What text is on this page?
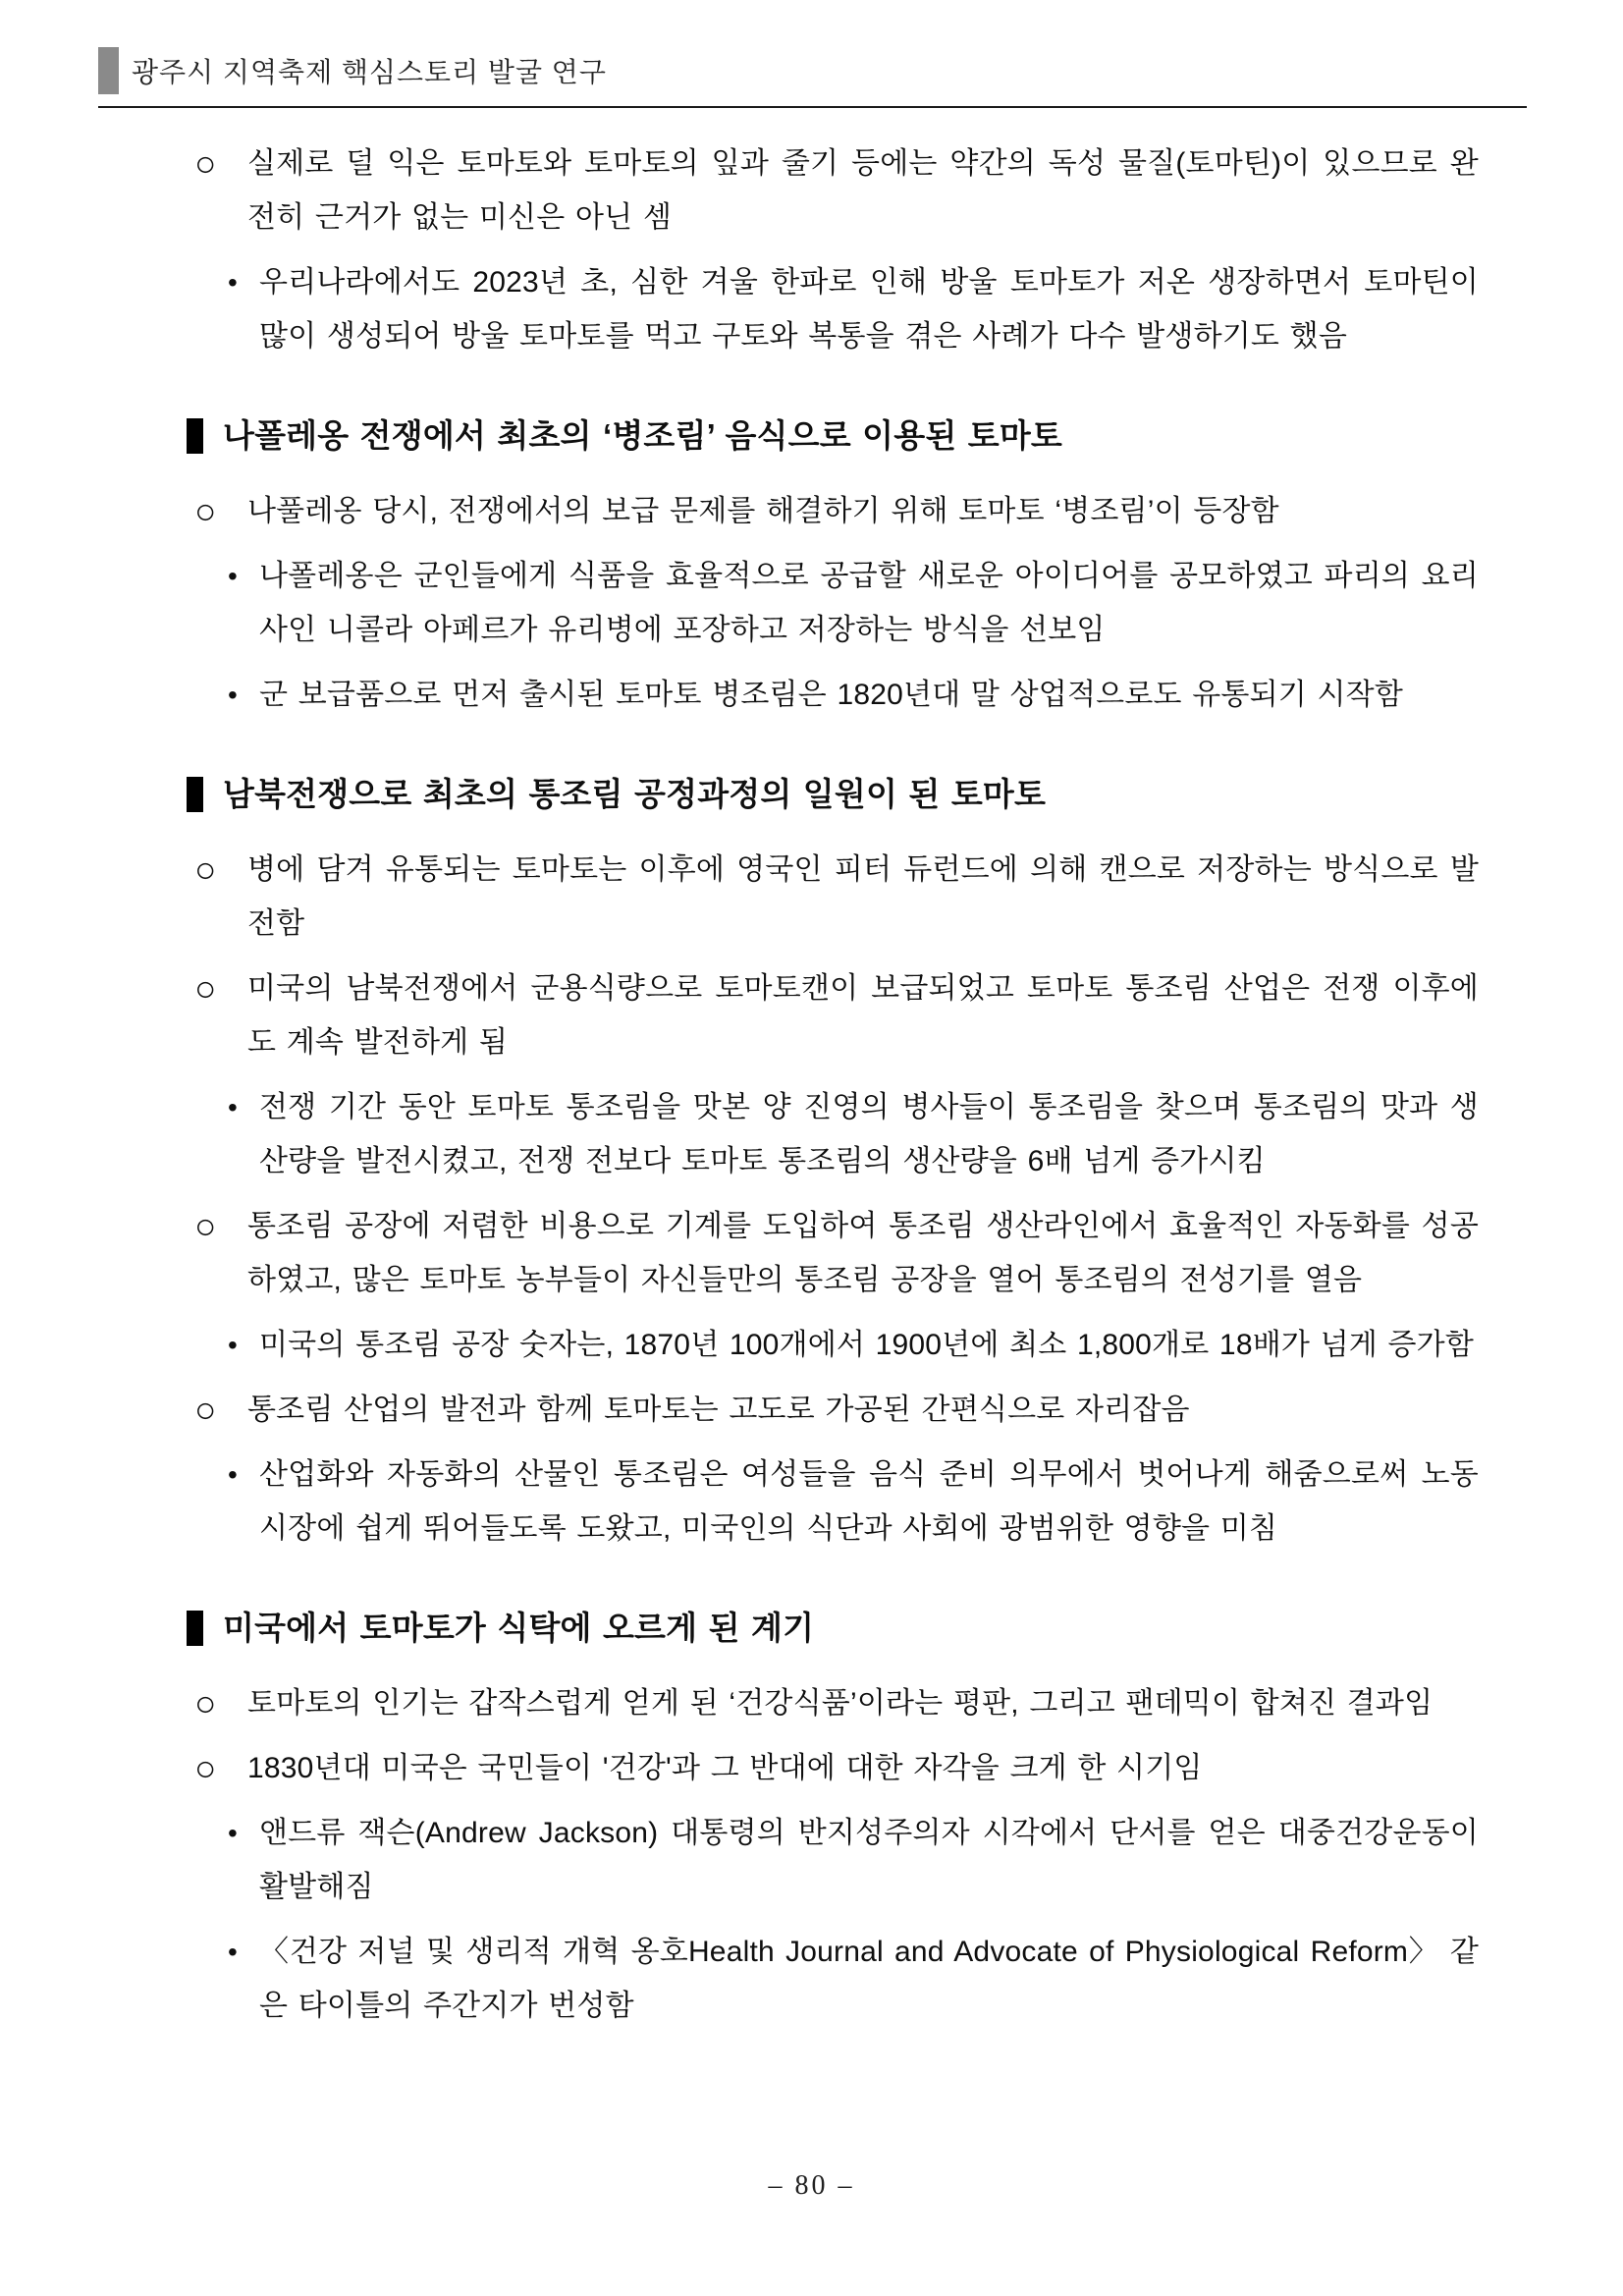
광주시 지역축제 핵심스토리 발굴 연구
○	실제로 덜 익은 토마토와 토마토의 잎과 줄기 등에는 약간의 독성 물질(토마틴)이 있으므로 완전히 근거가 없는 미신은 아닌 셈
• 우리나라에서도 2023년 초, 심한 겨울 한파로 인해 방울 토마토가 저온 생장하면서 토마틴이 많이 생성되어 방울 토마토를 먹고 구토와 복통을 겪은 사례가 다수 발생하기도 했음
나폴레옹 전쟁에서 최초의 ‘병조림’ 음식으로 이용된 토마토
○	나풀레옹 당시, 전쟁에서의 보급 문제를 해결하기 위해 토마토 ‘병조림’이 등장함
• 나폴레옹은 군인들에게 식품을 효율적으로 공급할 새로운 아이디어를 공모하였고 파리의 요리사인 니콜라 아페르가 유리병에 포장하고 저장하는 방식을 선보임
• 군 보급품으로 먼저 출시된 토마토 병조림은 1820년대 말 상업적으로도 유통되기 시작함
남북전쟁으로 최초의 통조림 공정과정의 일원이 된 토마토
○	병에 담겨 유통되는 토마토는 이후에 영국인 피터 듀런드에 의해 캔으로 저장하는 방식으로 발전함
○	미국의 남북전쟁에서 군용식량으로 토마토캔이 보급되었고 토마토 통조림 산업은 전쟁 이후에도 계속 발전하게 됨
• 전쟁 기간 동안 토마토 통조림을 맛본 양 진영의 병사들이 통조림을 찾으며 통조림의 맛과 생산량을 발전시켰고, 전쟁 전보다 토마토 통조림의 생산량을 6배 넘게 증가시킴
○	통조림 공장에 저렴한 비용으로 기계를 도입하여 통조림 생산라인에서 효율적인 자동화를 성공하였고, 많은 토마토 농부들이 자신들만의 통조림 공장을 열어 통조림의 전성기를 열음
• 미국의 통조림 공장 숫자는, 1870년 100개에서 1900년에 최소 1,800개로 18배가 넘게 증가함
○	통조림 산업의 발전과 함께 토마토는 고도로 가공된 간편식으로 자리잡음
• 산업화와 자동화의 산물인 통조림은 여성들을 음식 준비 의무에서 벗어나게 해줌으로써 노동시장에 쉽게 뛰어들도록 도왔고, 미국인의 식단과 사회에 광범위한 영향을 미침
미국에서 토마토가 식탁에 오르게 된 계기
○	토마토의 인기는 갑작스럽게 얻게 된 ‘건강식품’이라는 평판, 그리고 팬데믹이 합쳐진 결과임
○	1830년대 미국은 국민들이 '건강'과 그 반대에 대한 자각을 크게 한 시기임
• 앤드류 잭슨(Andrew Jackson) 대통령의 반지성주의자 시각에서 단서를 얻은 대중건강운동이 활발해짐
• 〈건강 저널 및 생리적 개혁 옹호Health Journal and Advocate of Physiological Reform〉 같은 타이틀의 주간지가 번성함
– 80 –
